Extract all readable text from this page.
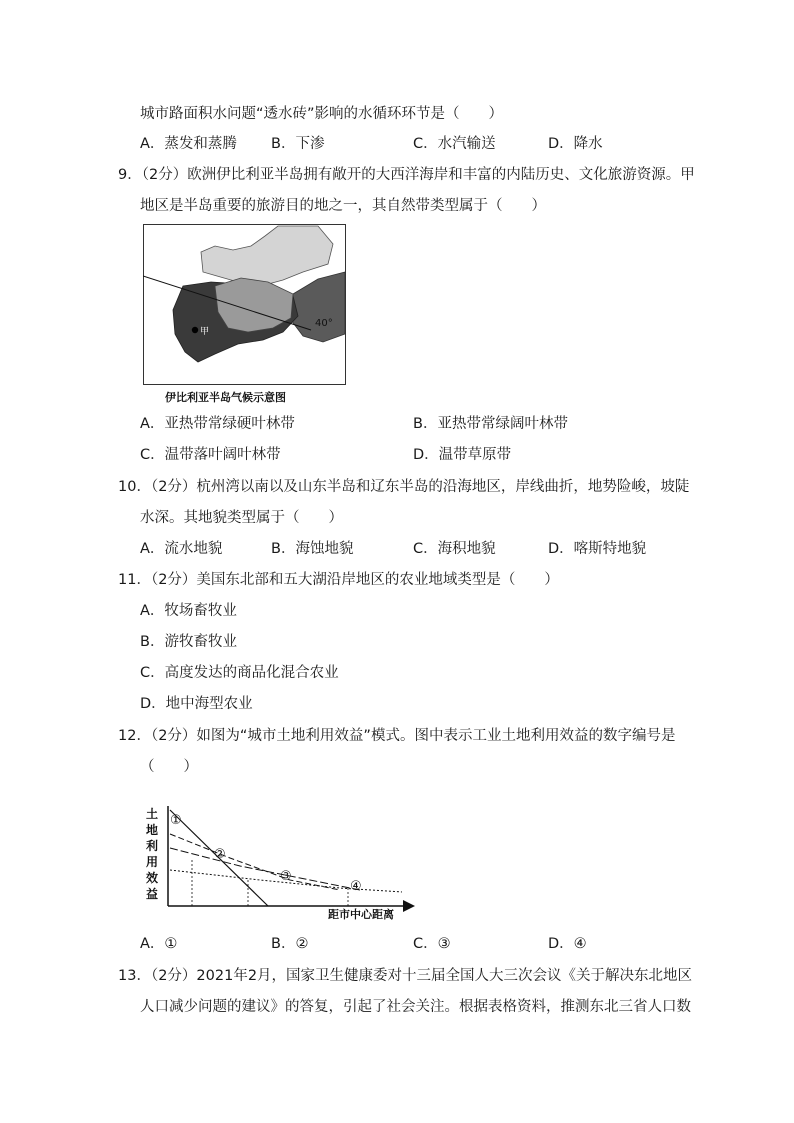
城市路面积水问题“透水砖”影响的水循环环节是（　　）
A．蒸发和蒸腾 B．下渗	C．水汽输送	D．降水
9．（2分）欧洲伊比利亚半岛拥有敞开的大西洋海岸和丰富的内陆历史、文化旅游资源。甲
地区是半岛重要的旅游目的地之一，其自然带类型属于（　　）
40°
甲
伊比利亚半岛气候示意图
A．亚热带常绿硬叶林带	B．亚热带常绿阔叶林带
C．温带落叶阔叶林带	D．温带草原带
10．（2分）杭州湾以南以及山东半岛和辽东半岛的沿海地区，岸线曲折，地势险峻，坡陡
水深。其地貌类型属于（　　）
A．流水地貌	B．海蚀地貌	C．海积地貌	D．喀斯特地貌
11．（2分）美国东北部和五大湖沿岸地区的农业地域类型是（　　）
A．牧场畜牧业
B．游牧畜牧业
C．高度发达的商品化混合农业
D．地中海型农业
12．（2分）如图为“城市土地利用效益”模式。图中表示工业土地利用效益的数字编号是
（　　）
土
地
利
用
效
益
距市中心距离
①
②
③
④
A．①	B．②	C．③	D．④
13．（2分）2021年2月，国家卫生健康委对十三届全国人大三次会议《关于解决东北地区
人口减少问题的建议》的答复，引起了社会关注。根据表格资料，推测东北三省人口数
